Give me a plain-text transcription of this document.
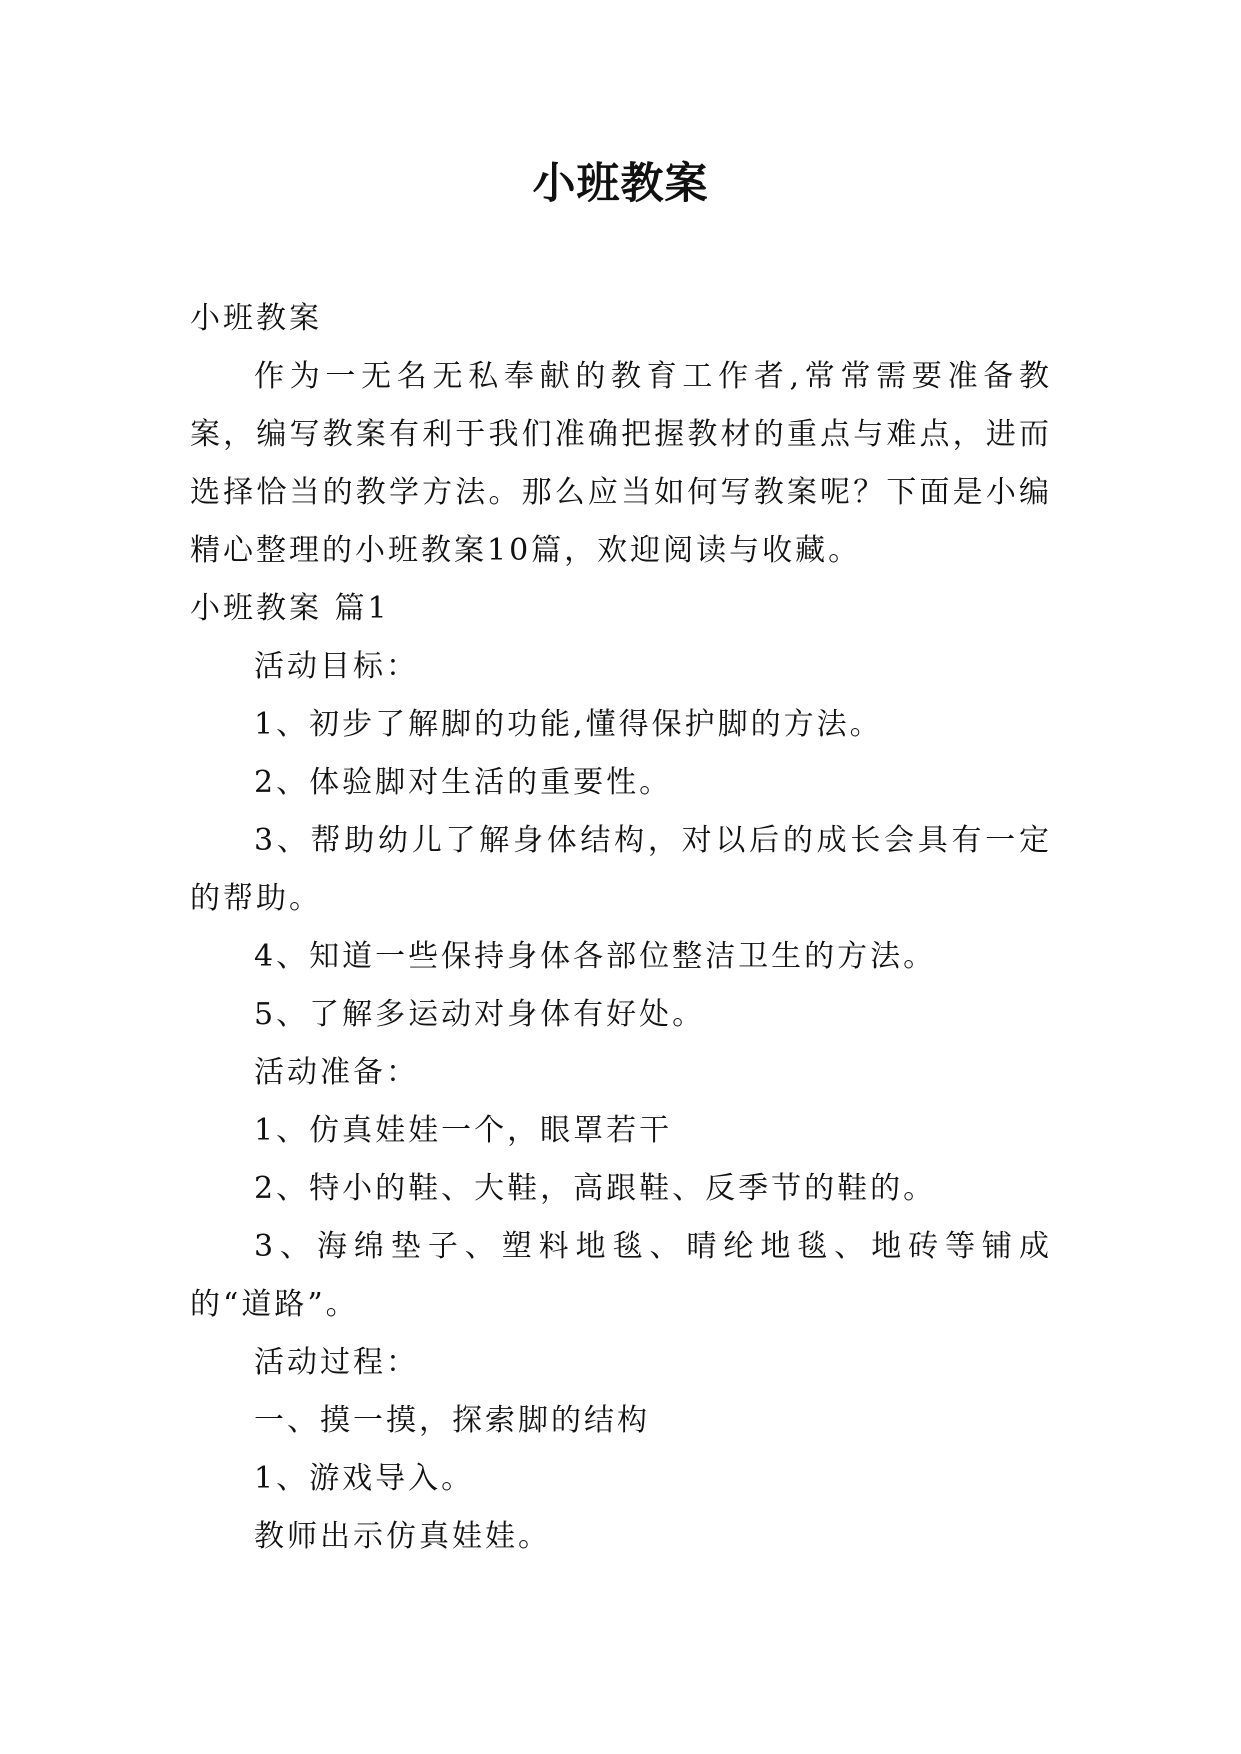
小班教案

小班教案

作为一无名无私奉献的教育工作者,常常需要准备教案，编写教案有利于我们准确把握教材的重点与难点，进而选择恰当的教学方法。那么应当如何写教案呢？下面是小编精心整理的小班教案10篇，欢迎阅读与收藏。

小班教案 篇1

活动目标：

1、初步了解脚的功能,懂得保护脚的方法。

2、体验脚对生活的重要性。

3、帮助幼儿了解身体结构，对以后的成长会具有一定的帮助。

4、知道一些保持身体各部位整洁卫生的方法。

5、了解多运动对身体有好处。

活动准备：

1、仿真娃娃一个，眼罩若干

2、特小的鞋、大鞋，高跟鞋、反季节的鞋的。

3、海绵垫子、塑料地毯、晴纶地毯、地砖等铺成的“道路”。

活动过程：

一、摸一摸，探索脚的结构

1、游戏导入。

教师出示仿真娃娃。
